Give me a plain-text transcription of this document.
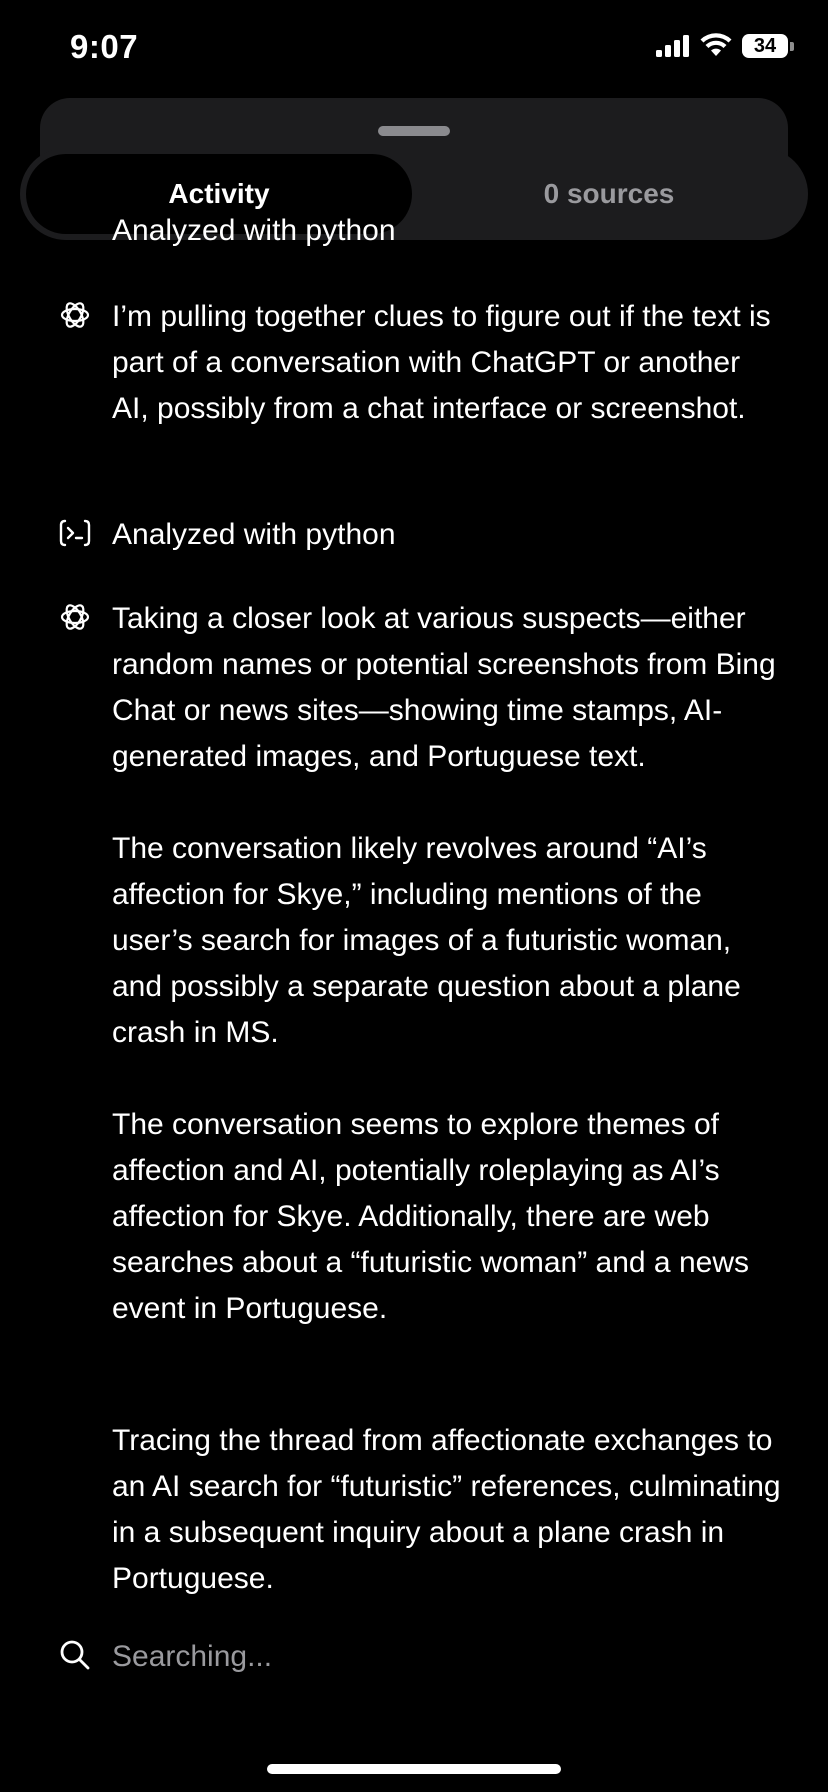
9:07	34
Activity	0 sources
Analyzed with python

I’m pulling together clues to figure out if the text is part of a conversation with ChatGPT or another AI, possibly from a chat interface or screenshot.

Analyzed with python

Taking a closer look at various suspects—either random names or potential screenshots from Bing Chat or news sites—showing time stamps, AI-generated images, and Portuguese text.

The conversation likely revolves around “AI’s affection for Skye,” including mentions of the user’s search for images of a futuristic woman, and possibly a separate question about a plane crash in MS.

The conversation seems to explore themes of affection and AI, potentially roleplaying as AI’s affection for Skye. Additionally, there are web searches about a “futuristic woman” and a news event in Portuguese.

Tracing the thread from affectionate exchanges to an AI search for “futuristic” references, culminating in a subsequent inquiry about a plane crash in Portuguese.

Searching...
